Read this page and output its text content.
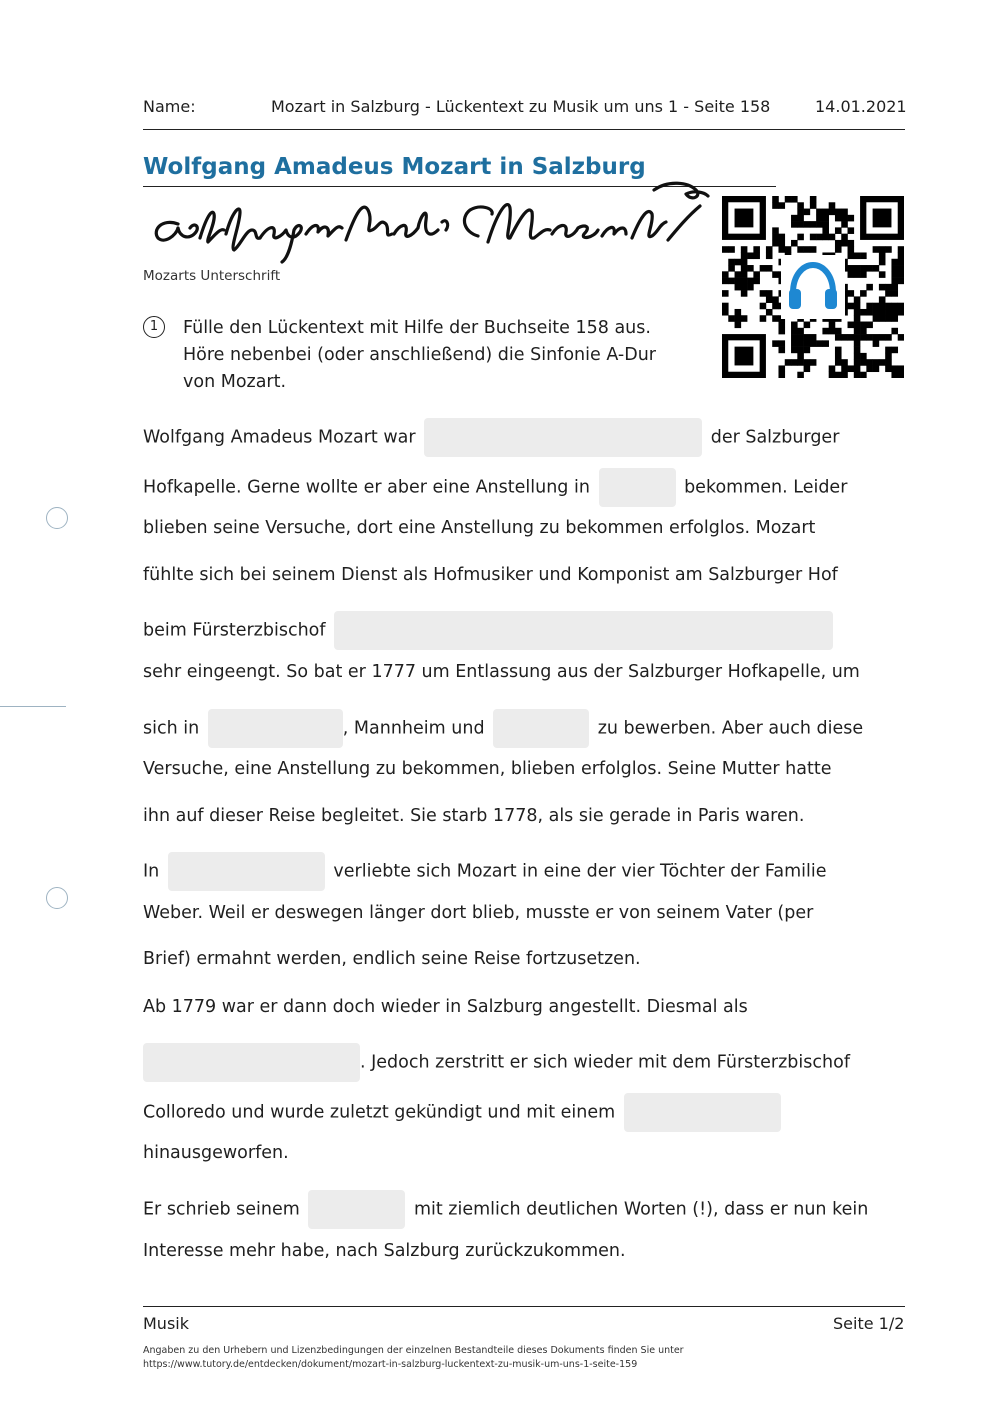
Name:	Mozart in Salzburg - Lückentext zu Musik um uns 1 - Seite 158	14.01.2021
Wolfgang Amadeus Mozart in Salzburg
Mozarts Unterschrift
1	Fülle den Lückentext mit Hilfe der Buchseite 158 aus.
Höre nebenbei (oder anschließend) die Sinfonie A-Dur
von Mozart.
Wolfgang Amadeus Mozart war	der Salzburger
Hofkapelle. Gerne wollte er aber eine Anstellung in	bekommen. Leider
blieben seine Versuche, dort eine Anstellung zu bekommen erfolglos. Mozart
fühlte sich bei seinem Dienst als Hofmusiker und Komponist am Salzburger Hof
beim Fürsterzbischof
sehr eingeengt. So bat er 1777 um Entlassung aus der Salzburger Hofkapelle, um
sich in	, Mannheim und	zu bewerben. Aber auch diese
Versuche, eine Anstellung zu bekommen, blieben erfolglos. Seine Mutter hatte
ihn auf dieser Reise begleitet. Sie starb 1778, als sie gerade in Paris waren.
In	verliebte sich Mozart in eine der vier Töchter der Familie
Weber. Weil er deswegen länger dort blieb, musste er von seinem Vater (per
Brief) ermahnt werden, endlich seine Reise fortzusetzen.
Ab 1779 war er dann doch wieder in Salzburg angestellt. Diesmal als
. Jedoch zerstritt er sich wieder mit dem Fürsterzbischof
Colloredo und wurde zuletzt gekündigt und mit einem
hinausgeworfen.
Er schrieb seinem	mit ziemlich deutlichen Worten (!), dass er nun kein
Interesse mehr habe, nach Salzburg zurückzukommen.
Musik	Seite 1/2
Angaben zu den Urhebern und Lizenzbedingungen der einzelnen Bestandteile dieses Dokuments finden Sie unter
https://www.tutory.de/entdecken/dokument/mozart-in-salzburg-luckentext-zu-musik-um-uns-1-seite-159
